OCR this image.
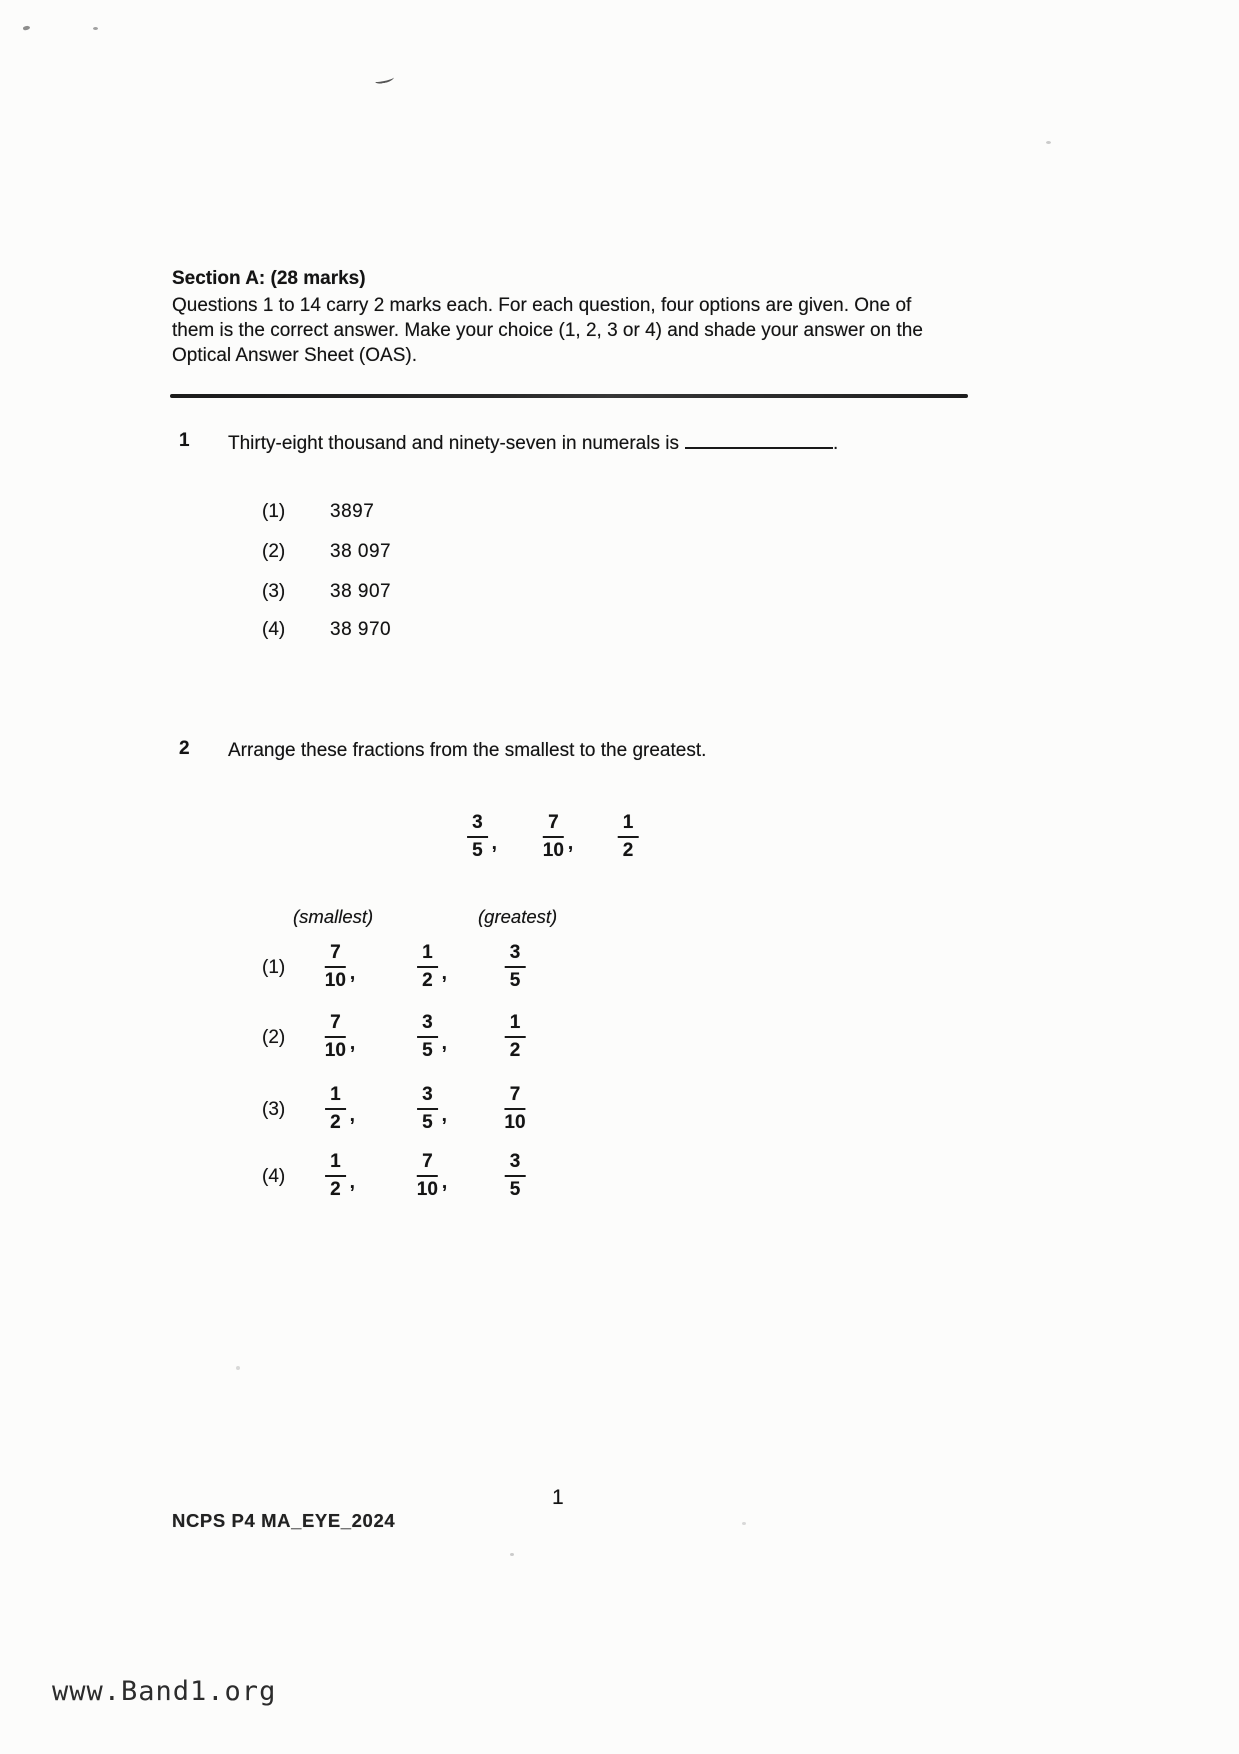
Section A: (28 marks)
Questions 1 to 14 carry 2 marks each. For each question, four options are given. One of
them is the correct answer. Make your choice (1, 2, 3 or 4) and shade your answer on the
Optical Answer Sheet (OAS).
1 Thirty-eight thousand and ninety-seven in numerals is	.
(1) 3897
(2) 38 097
(3) 38 907
(4) 38 970
2 Arrange these fractions from the smallest to the greatest.
$\frac{3}{5}$ , $\frac{7}{10}$ , $\frac{1}{2}$
(smallest)	(greatest)
$(1) \frac{7}{10}$ ,	$\frac{1}{2}$ ,	$\frac{3}{5}$
$(2) \frac{7}{10}$ ,	$\frac{3}{5}$ ,	$\frac{1}{2}$
$(3) \frac{1}{2}$ ,	$\frac{3}{5}$ ,	$\frac{7}{10}$
$(4) \frac{1}{2}$ ,	$\frac{7}{10}$ ,	$\frac{3}{5}$
1
NCPS P4 MA_EYE_2024
www.Band1.org
